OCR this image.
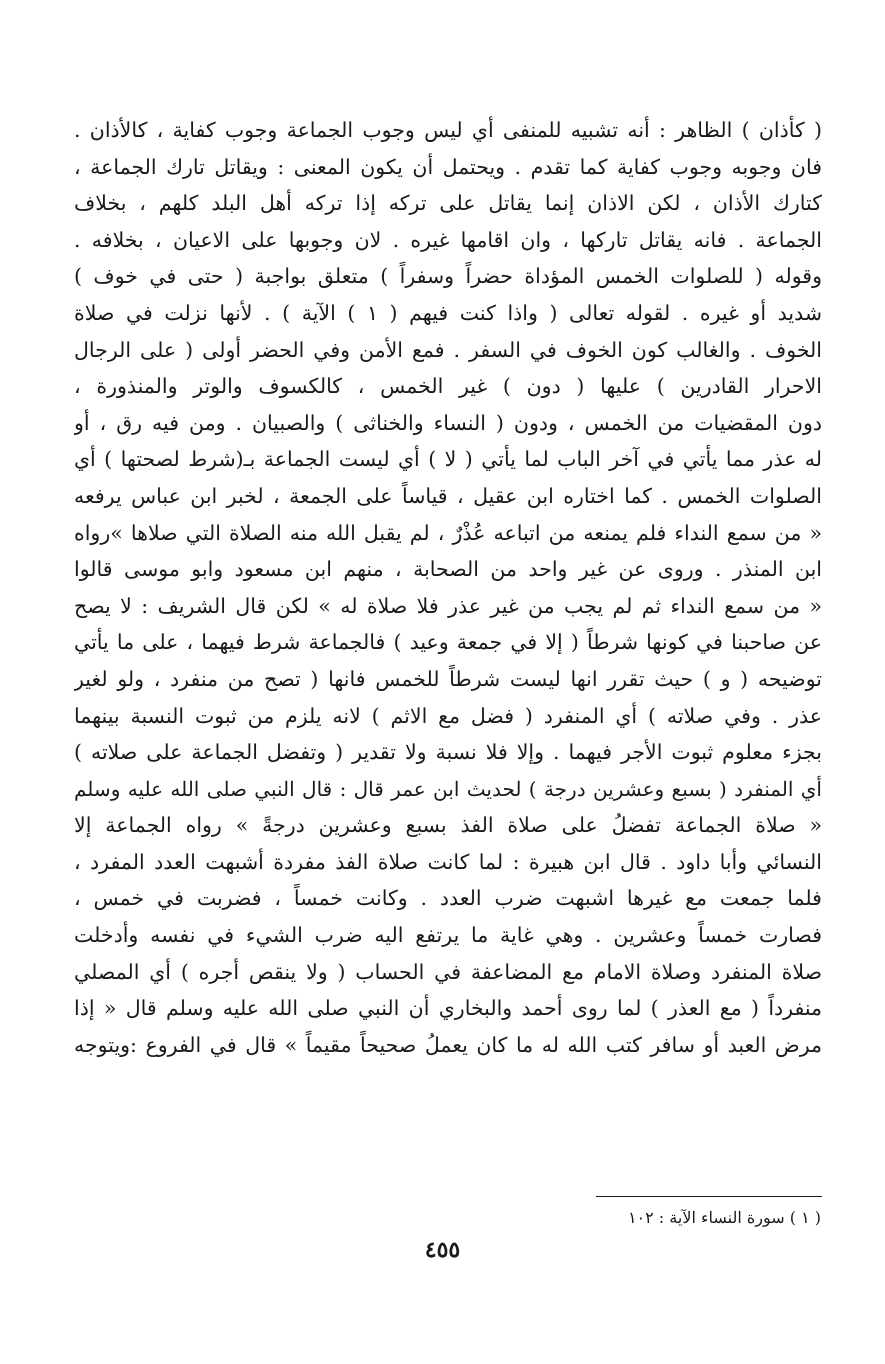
( كأذان ) الظاهر : أنه تشبيه للمنفى أي ليس وجوب الجماعة وجوب كفاية ، كالأذان .
فان وجوبه وجوب كفاية كما تقدم . ويحتمل أن يكون المعنى : ويقاتل تارك الجماعة ،
كتارك الأذان ، لكن الاذان إنما يقاتل على تركه إذا تركه أهل البلد كلهم ، بخلاف
الجماعة . فانه يقاتل تاركها ، وان اقامها غيره . لان وجوبها على الاعيان ، بخلافه .
وقوله ( للصلوات الخمس المؤداة حضراً وسفراً ) متعلق بواجبة ( حتى في خوف )
شديد أو غيره . لقوله تعالى ( واذا كنت فيهم ( ١ ) الآية ) . لأنها نزلت في صلاة
الخوف . والغالب كون الخوف في السفر . فمع الأمن وفي الحضر أولى ( على الرجال
الاحرار القادرين ) عليها ( دون ) غير الخمس ، كالكسوف والوتر والمنذورة ،
دون المقضيات من الخمس ، ودون ( النساء والخناثى ) والصبيان . ومن فيه رق ، أو
له عذر مما يأتي في آخر الباب لما يأتي ( لا ) أي ليست الجماعة بـ(شرط لصحتها ) أي
الصلوات الخمس . كما اختاره ابن عقيل ، قياساً على الجمعة ، لخبر ابن عباس يرفعه
« من سمع النداء فلم يمنعه من اتباعه عُذْرٌ ، لم يقبل الله منه الصلاة التي صلاها »رواه
ابن المنذر . وروى عن غير واحد من الصحابة ، منهم ابن مسعود وابو موسى قالوا
« من سمع النداء ثم لم يجب من غير عذر فلا صلاة له » لكن قال الشريف : لا يصح
عن صاحبنا في كونها شرطاً ( إلا في جمعة وعيد ) فالجماعة شرط فيهما ، على ما يأتي
توضيحه ( و ) حيث تقرر انها ليست شرطاً للخمس فانها ( تصح من منفرد ، ولو لغير
عذر . وفي صلاته ) أي المنفرد ( فضل مع الاثم ) لانه يلزم من ثبوت النسبة بينهما
بجزء معلوم ثبوت الأجر فيهما . وإلا فلا نسبة ولا تقدير ( وتفضل الجماعة على صلاته )
أي المنفرد ( بسبع وعشرين درجة ) لحديث ابن عمر قال : قال النبي صلى الله عليه وسلم
« صلاة الجماعة تفضلُ على صلاة الفذ بسبع وعشرين درجةً » رواه الجماعة إلا
النسائي وأبا داود . قال ابن هبيرة : لما كانت صلاة الفذ مفردة أشبهت العدد المفرد ،
فلما جمعت مع غيرها اشبهت ضرب العدد . وكانت خمساً ، فضربت في خمس ،
فصارت خمساً وعشرين . وهي غاية ما يرتفع اليه ضرب الشيء في نفسه وأدخلت
صلاة المنفرد وصلاة الامام مع المضاعفة في الحساب ( ولا ينقص أجره ) أي المصلي
منفرداً ( مع العذر ) لما روى أحمد والبخاري أن النبي صلى الله عليه وسلم قال « إذا
مرض العبد أو سافر كتب الله له ما كان يعملُ صحيحاً مقيماً » قال في الفروع :ويتوجه
( ١ ) سورة النساء الآية : ١٠٢
٤٥٥
